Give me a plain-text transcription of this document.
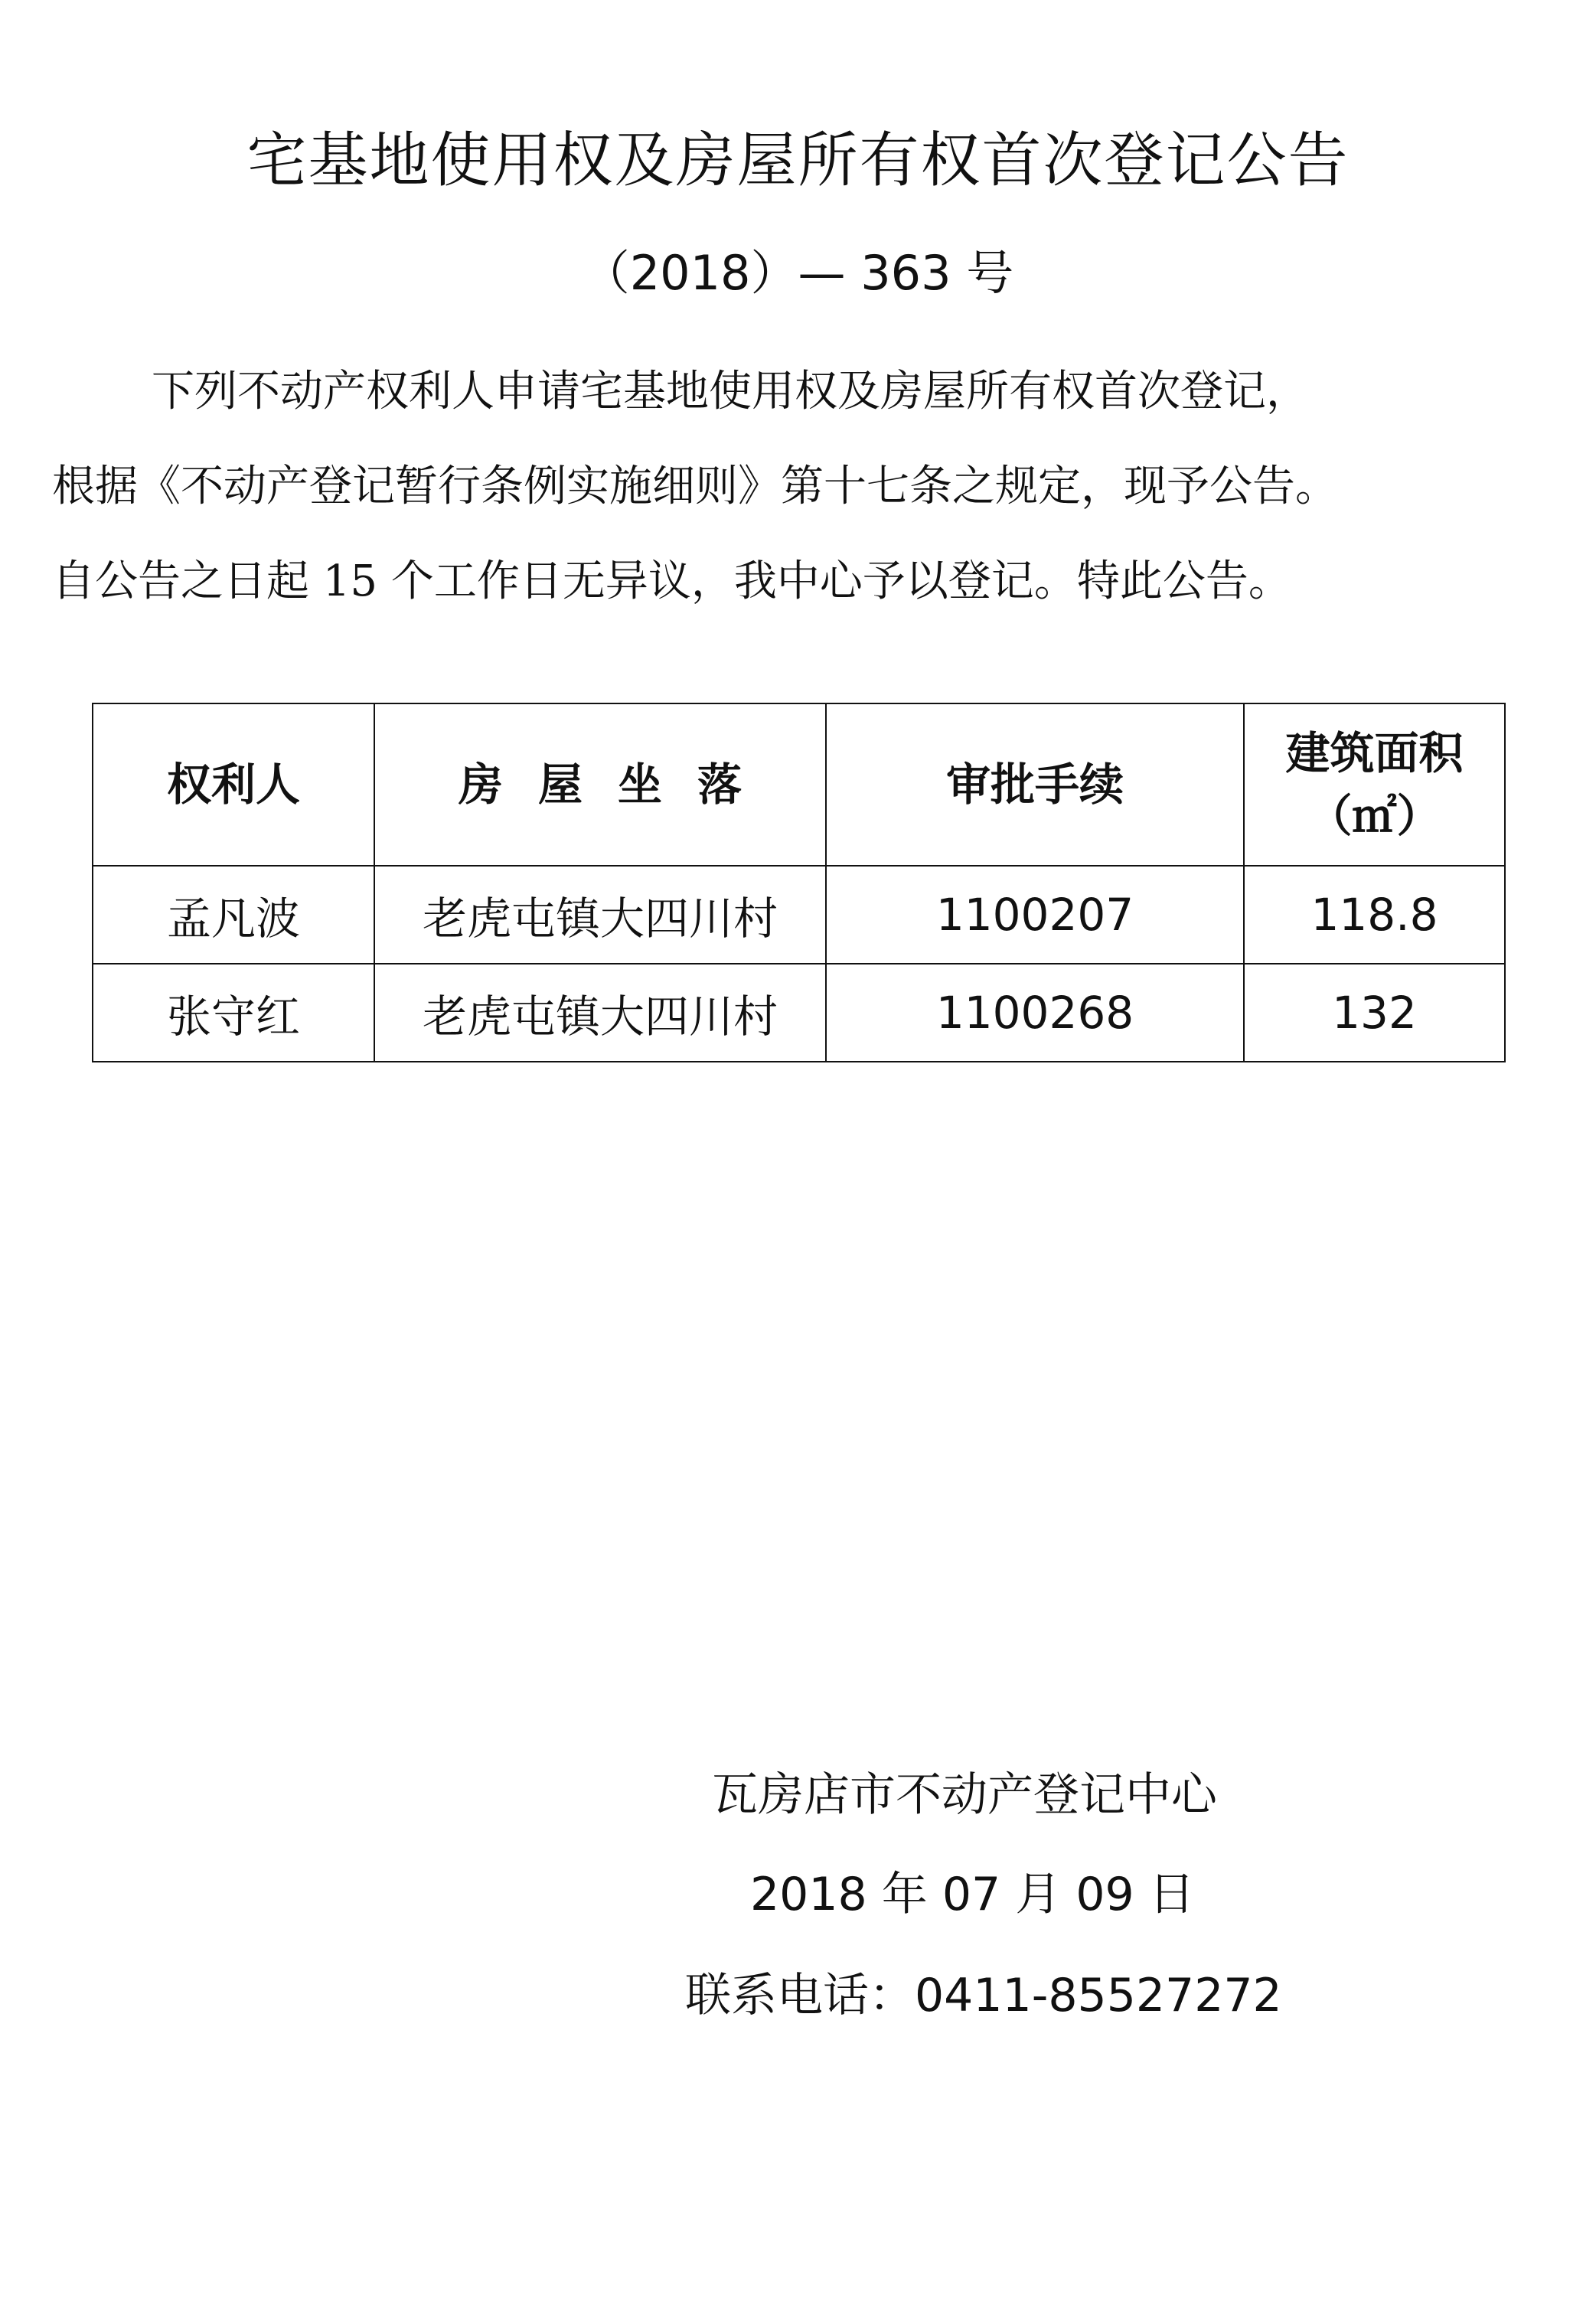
宅基地使用权及房屋所有权首次登记公告
（2018）— 363 号

下列不动产权利人申请宅基地使用权及房屋所有权首次登记，
根据《不动产登记暂行条例实施细则》第十七条之规定，现予公告。
自公告之日起 15 个工作日无异议，我中心予以登记。特此公告。

权利人	房屋坐落	审批手续	建筑面积
（㎡）

孟凡波	老虎屯镇大四川村	1100207	118.8
张守红	老虎屯镇大四川村	1100268	132
瓦房店市不动产登记中心
2018 年 07 月 09 日
联系电话：0411-85527272
